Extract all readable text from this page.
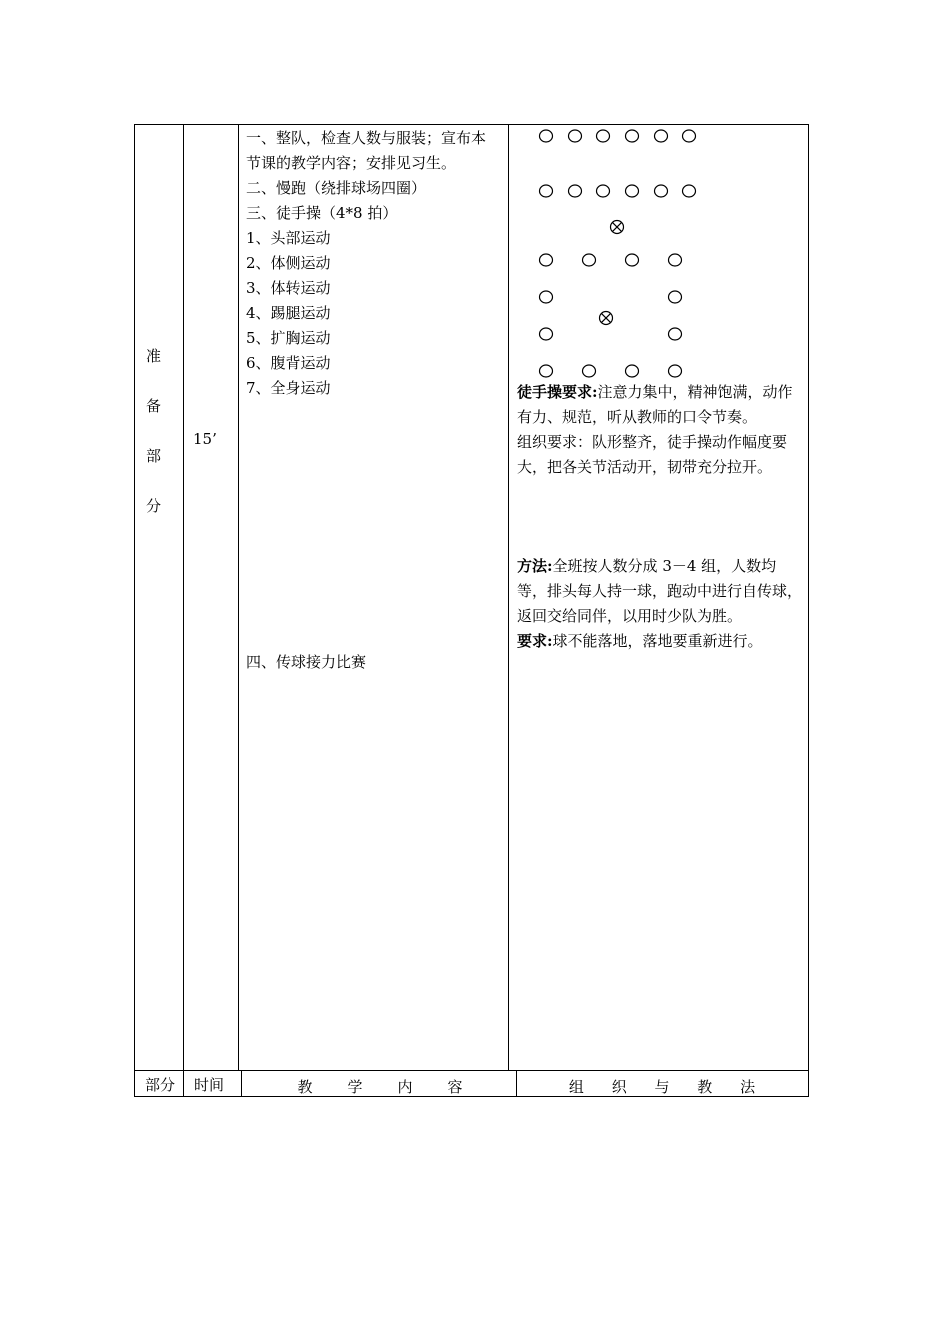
准
备
部
分
15’
一、整队，检查人数与服装；宣布本
节课的教学内容；安排见习生。
二、慢跑（绕排球场四圈）
三、徒手操（4*8 拍）
1、头部运动
2、体侧运动
3、体转运动
4、踢腿运动
5、扩胸运动
6、腹背运动
7、全身运动
四、传球接力比赛
徒手操要求:注意力集中，精神饱满，动作有力、规范，听从教师的口令节奏。
组织要求：队形整齐，徒手操动作幅度要大，把各关节活动开，韧带充分拉开。
方法:全班按人数分成 3－4 组，人数均等，排头每人持一球，跑动中进行自传球，返回交给同伴，以用时少队为胜。
要求:球不能落地，落地要重新进行。
部分 时间	教 学 内 容	组 织 与 教 法
